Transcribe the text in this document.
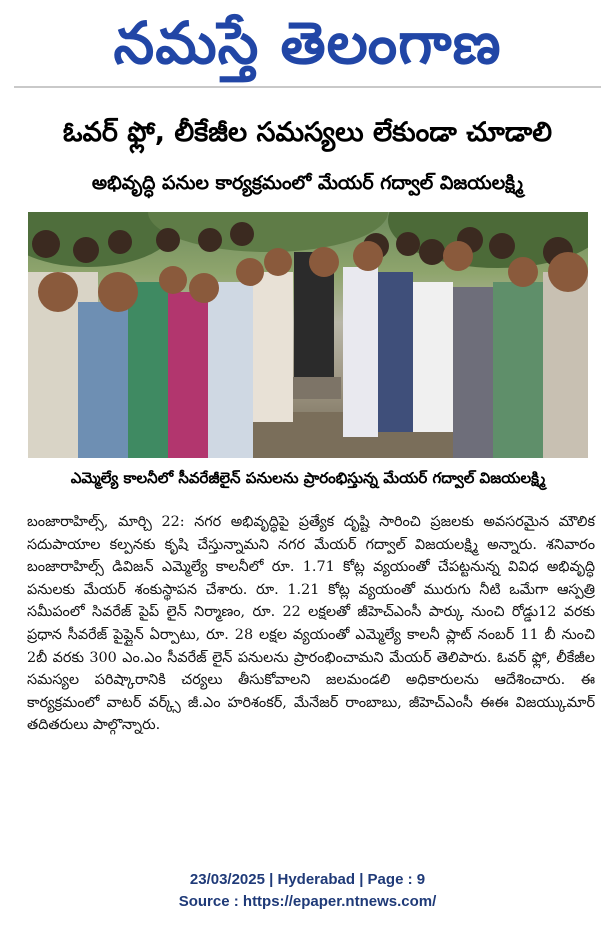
నమస్తే తెలంగాణ
ఓవర్ ఫ్లో, లీకేజీల సమస్యలు లేకుండా చూడాలి
అభివృద్ధి పనుల కార్యక్రమంలో మేయర్ గద్వాల్ విజయలక్ష్మి
ఎమ్మెల్యే కాలనీలో సీవరేజీలైన్ పనులను ప్రారంభిస్తున్న మేయర్ గద్వాల్ విజయలక్ష్మి
బంజారాహిల్స్, మార్చి 22: నగర అభివృద్ధిపై ప్రత్యేక దృష్టి సారించి ప్రజలకు అవసరమైన మౌలిక సదుపాయాల కల్పనకు కృషి చేస్తున్నామని నగర మేయర్ గద్వాల్ విజయలక్ష్మి అన్నారు. శనివారం బంజారాహిల్స్ డివిజన్ ఎమ్మెల్యే కాలనీలో రూ. 1.71 కోట్ల వ్యయంతో చేపట్టనున్న వివిధ అభివృద్ధి పనులకు మేయర్ శంకుస్థాపన చేశారు. రూ. 1.21 కోట్ల వ్యయంతో మురుగు నీటి ఒమేగా ఆస్పత్రి సమీపంలో సివరేజ్ పైప్ లైన్ నిర్మాణం, రూ. 22 లక్షలతో జీహెచ్ఎంసీ పార్కు నుంచి రోడ్డు12 వరకు ప్రధాన సీవరేజ్ పైప్లైన్ ఏర్పాటు, రూ. 28 లక్షల వ్యయంతో ఎమ్మెల్యే కాలనీ ప్లాట్ నంబర్ 11 బీ నుంచి 2బీ వరకు 300 ఎం.ఎం సీవరేజ్ లైన్ పనులను ప్రారంభించామని మేయర్ తెలిపారు. ఓవర్ ఫ్లో, లీకేజీల సమస్యల పరిష్కారానికి చర్యలు తీసుకోవాలని జలమండలి అధికారులను ఆదేశించారు. ఈ కార్యక్రమంలో వాటర్ వర్క్స్ జీ.ఎం హరిశంకర్, మేనేజర్ రాంబాబు, జీహెచ్ఎంసీ ఈఈ విజయ్కుమార్ తదితరులు పాల్గొన్నారు.
23/03/2025 | Hyderabad | Page : 9
Source : https://epaper.ntnews.com/
